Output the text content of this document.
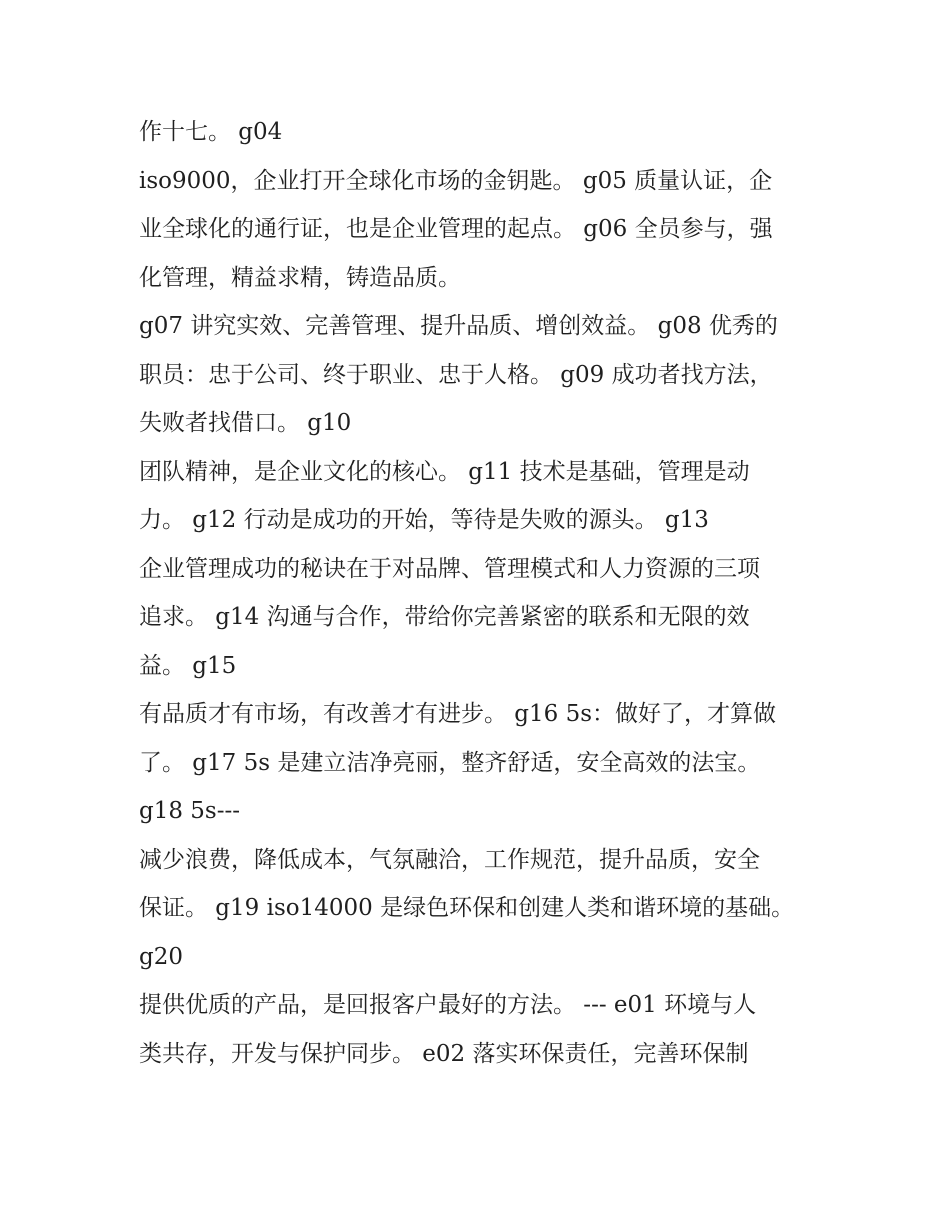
作十七。 g04
iso9000，企业打开全球化市场的金钥匙。 g05 质量认证，企
业全球化的通行证，也是企业管理的起点。 g06 全员参与，强
化管理，精益求精，铸造品质。
g07 讲究实效、完善管理、提升品质、增创效益。 g08 优秀的
职员：忠于公司、终于职业、忠于人格。 g09 成功者找方法，
失败者找借口。 g10
团队精神，是企业文化的核心。 g11 技术是基础，管理是动
力。 g12 行动是成功的开始，等待是失败的源头。 g13
企业管理成功的秘诀在于对品牌、管理模式和人力资源的三项
追求。 g14 沟通与合作，带给你完善紧密的联系和无限的效
益。 g15
有品质才有市场，有改善才有进步。 g16 5s：做好了，才算做
了。 g17 5s 是建立洁净亮丽，整齐舒适，安全高效的法宝。
g18 5s---
减少浪费，降低成本，气氛融洽，工作规范，提升品质，安全
保证。 g19 iso14000 是绿色环保和创建人类和谐环境的基础。
g20
提供优质的产品，是回报客户最好的方法。 --- e01 环境与人
类共存，开发与保护同步。 e02 落实环保责任，完善环保制
